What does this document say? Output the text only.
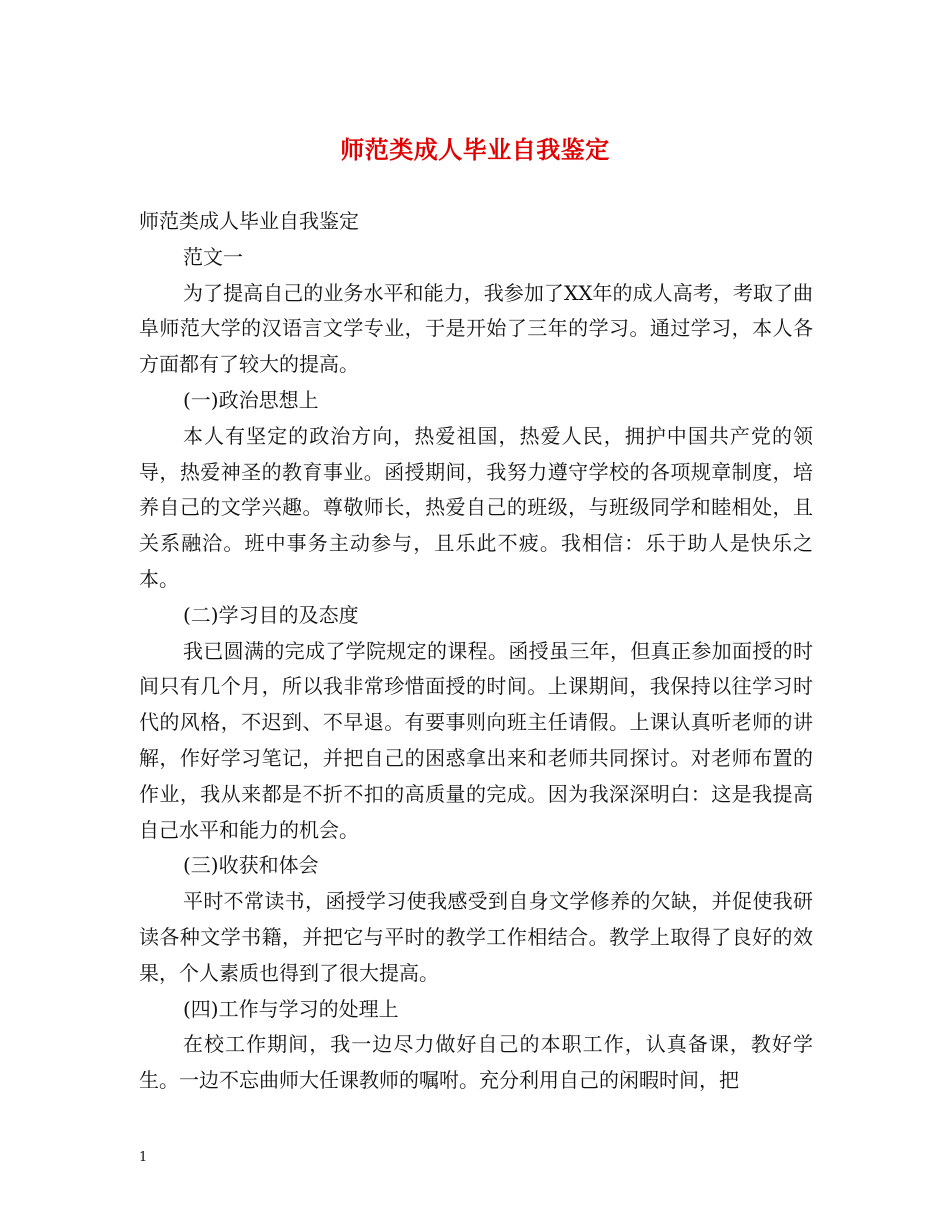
师范类成人毕业自我鉴定

师范类成人毕业自我鉴定

范文一

为了提高自己的业务水平和能力，我参加了XX年的成人高考，考取了曲阜师范大学的汉语言文学专业，于是开始了三年的学习。通过学习，本人各方面都有了较大的提高。

(一)政治思想上

本人有坚定的政治方向，热爱祖国，热爱人民，拥护中国共产党的领导，热爱神圣的教育事业。函授期间，我努力遵守学校的各项规章制度，培养自己的文学兴趣。尊敬师长，热爱自己的班级，与班级同学和睦相处，且关系融洽。班中事务主动参与，且乐此不疲。我相信：乐于助人是快乐之本。

(二)学习目的及态度

我已圆满的完成了学院规定的课程。函授虽三年，但真正参加面授的时间只有几个月，所以我非常珍惜面授的时间。上课期间，我保持以往学习时代的风格，不迟到、不早退。有要事则向班主任请假。上课认真听老师的讲解，作好学习笔记，并把自己的困惑拿出来和老师共同探讨。对老师布置的作业，我从来都是不折不扣的高质量的完成。因为我深深明白：这是我提高自己水平和能力的机会。

(三)收获和体会

平时不常读书，函授学习使我感受到自身文学修养的欠缺，并促使我研读各种文学书籍，并把它与平时的教学工作相结合。教学上取得了良好的效果，个人素质也得到了很大提高。

(四)工作与学习的处理上

在校工作期间，我一边尽力做好自己的本职工作，认真备课，教好学生。一边不忘曲师大任课教师的嘱咐。充分利用自己的闲暇时间，把

1
